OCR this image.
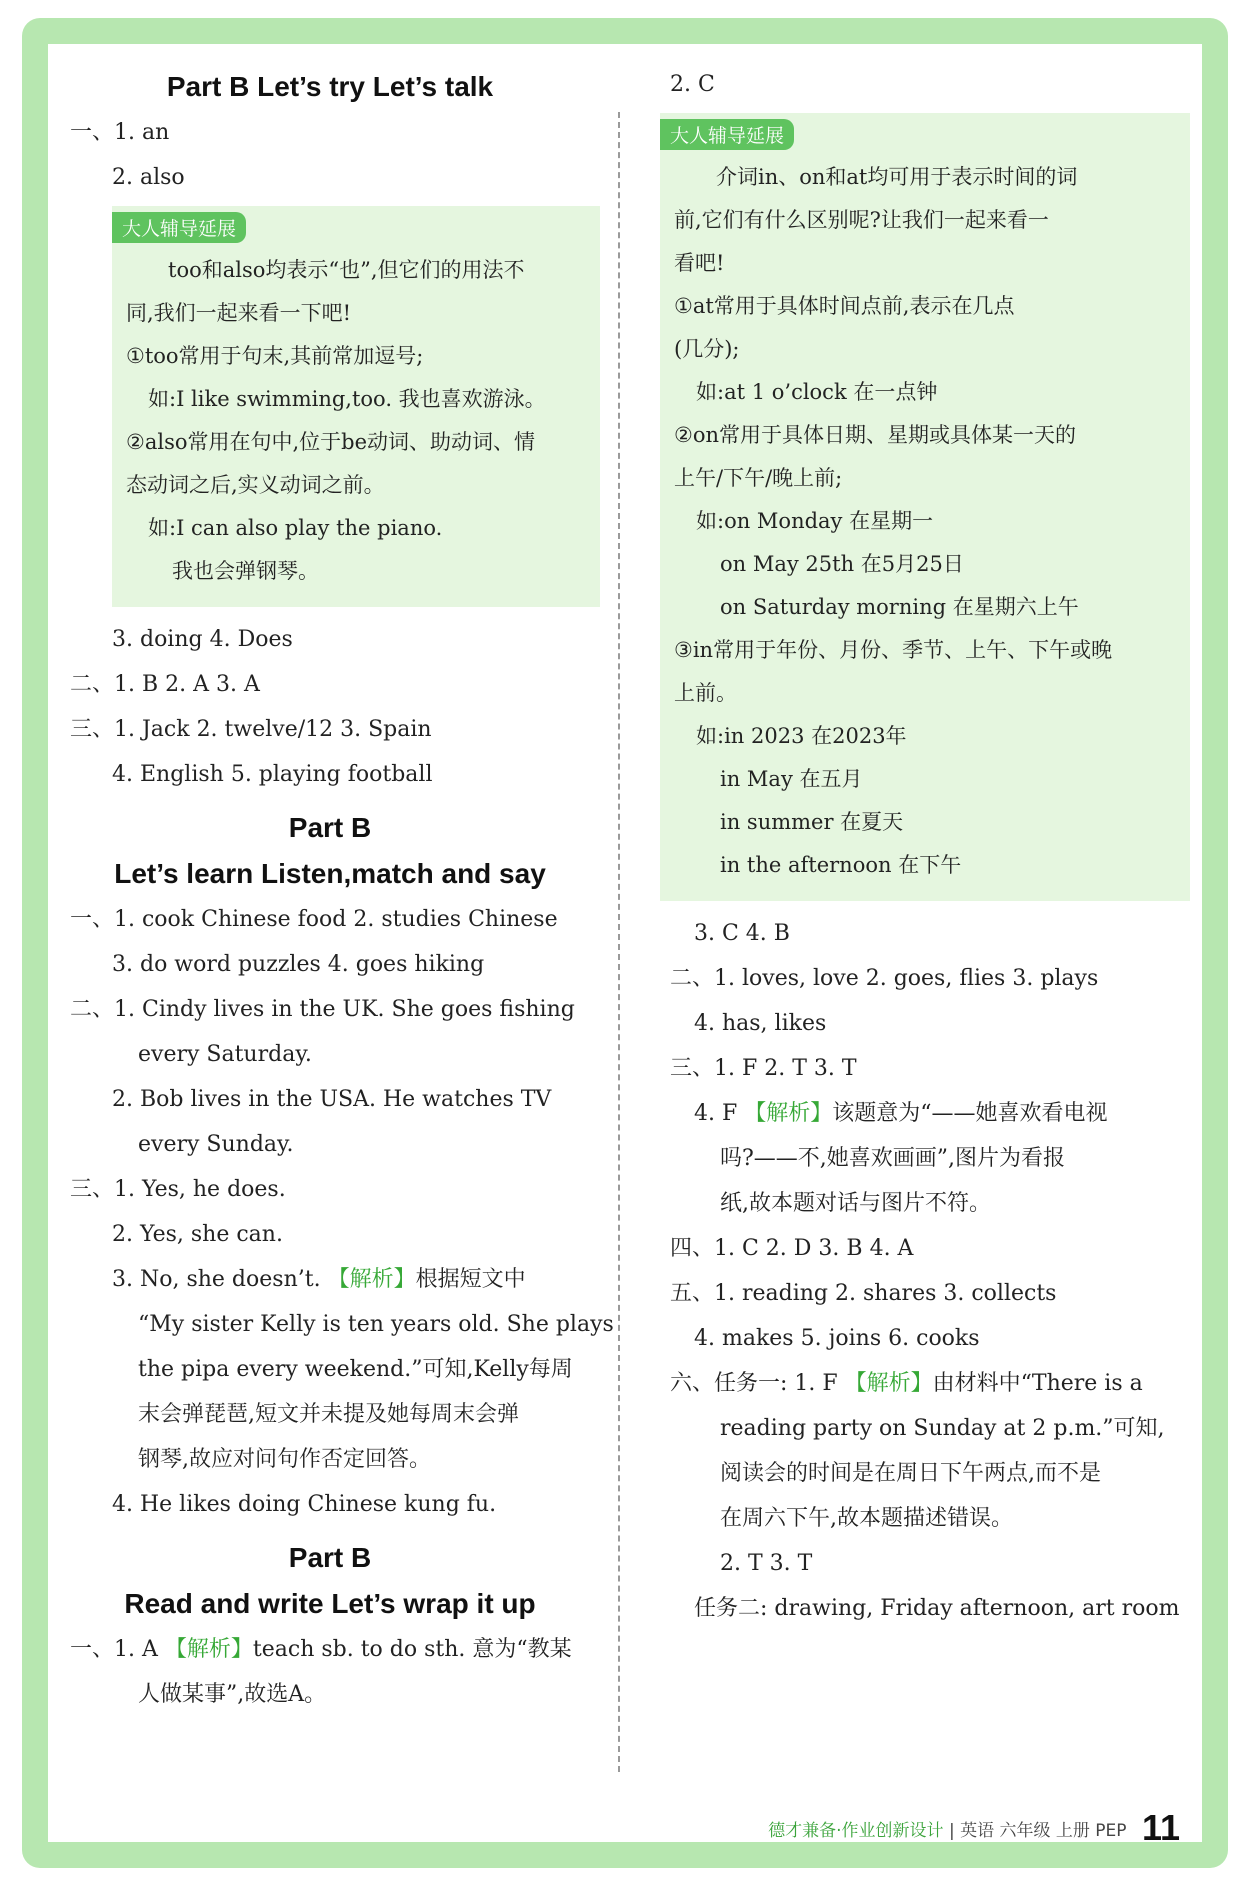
Part B Let’s try Let’s talk
一、1. an
2. also
大人辅导延展
too和also均表示“也”,但它们的用法不
同,我们一起来看一下吧!
①too常用于句末,其前常加逗号;
如:I like swimming,too. 我也喜欢游泳。
②also常用在句中,位于be动词、助动词、情
态动词之后,实义动词之前。
如:I can also play the piano.
我也会弹钢琴。
3. doing 4. Does
二、1. B 2. A 3. A
三、1. Jack 2. twelve/12 3. Spain
4. English 5. playing football
Part B
Let’s learn Listen,match and say
一、1. cook Chinese food 2. studies Chinese
3. do word puzzles 4. goes hiking
二、1. Cindy lives in the UK. She goes fishing
every Saturday.
2. Bob lives in the USA. He watches TV
every Sunday.
三、1. Yes, he does.
2. Yes, she can.
3. No, she doesn’t. 【解析】根据短文中
“My sister Kelly is ten years old. She plays
the pipa every weekend.”可知,Kelly每周
末会弹琵琶,短文并未提及她每周末会弹
钢琴,故应对问句作否定回答。
4. He likes doing Chinese kung fu.
Part B
Read and write Let’s wrap it up
一、1. A 【解析】teach sb. to do sth. 意为“教某
人做某事”,故选A。
2. C
大人辅导延展
介词in、on和at均可用于表示时间的词
前,它们有什么区别呢?让我们一起来看一
看吧!
①at常用于具体时间点前,表示在几点
(几分);
如:at 1 o’clock 在一点钟
②on常用于具体日期、星期或具体某一天的
上午/下午/晚上前;
如:on Monday 在星期一
on May 25th 在5月25日
on Saturday morning 在星期六上午
③in常用于年份、月份、季节、上午、下午或晚
上前。
如:in 2023 在2023年
in May 在五月
in summer 在夏天
in the afternoon 在下午
3. C 4. B
二、1. loves, love 2. goes, flies 3. plays
4. has, likes
三、1. F 2. T 3. T
4. F 【解析】该题意为“——她喜欢看电视
吗?——不,她喜欢画画”,图片为看报
纸,故本题对话与图片不符。
四、1. C 2. D 3. B 4. A
五、1. reading 2. shares 3. collects
4. makes 5. joins 6. cooks
六、任务一: 1. F 【解析】由材料中“There is a
reading party on Sunday at 2 p.m.”可知,
阅读会的时间是在周日下午两点,而不是
在周六下午,故本题描述错误。
2. T 3. T
任务二: drawing, Friday afternoon, art room
德才兼备·作业创新设计 | 英语 六年级 上册 PEP 11
